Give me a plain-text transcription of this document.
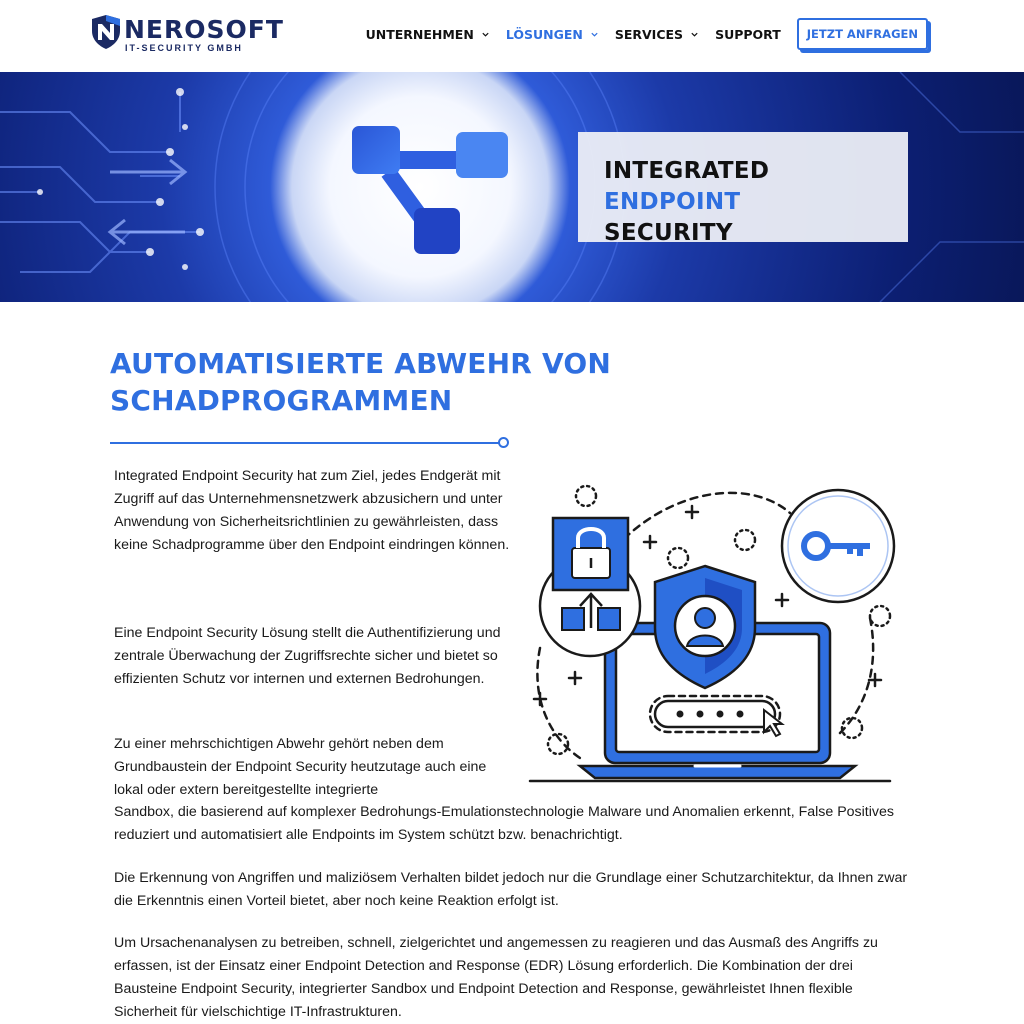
NEROSOFT
IT-SECURITY GMBH
UNTERNEHMEN	LÖSUNGEN	SERVICES	SUPPORT	JETZT ANFRAGEN
INTEGRATED ENDPOINT
SECURITY
AUTOMATISIERTE ABWEHR VON
SCHADPROGRAMMEN

Integrated Endpoint Security hat zum Ziel, jedes Endgerät mit Zugriff auf das Unternehmensnetzwerk abzusichern und unter Anwendung von Sicherheitsrichtlinien zu gewährleisten, dass keine Schadprogramme über den Endpoint eindringen können.

Eine Endpoint Security Lösung stellt die Authentifizierung und zentrale Überwachung der Zugriffsrechte sicher und bietet so effizienten Schutz vor internen und externen Bedrohungen.

Zu einer mehrschichtigen Abwehr gehört neben dem Grundbaustein der Endpoint Security heutzutage auch eine lokal oder extern bereitgestellte integrierte

Sandbox, die basierend auf komplexer Bedrohungs-Emulationstechnologie Malware und Anomalien erkennt, False Positives reduziert und automatisiert alle Endpoints im System schützt bzw. benachrichtigt.

Die Erkennung von Angriffen und maliziösem Verhalten bildet jedoch nur die Grundlage einer Schutzarchitektur, da Ihnen zwar die Erkenntnis einen Vorteil bietet, aber noch keine Reaktion erfolgt ist.

Um Ursachenanalysen zu betreiben, schnell, zielgerichtet und angemessen zu reagieren und das Ausmaß des Angriffs zu erfassen, ist der Einsatz einer Endpoint Detection and Response (EDR) Lösung erforderlich. Die Kombination der drei Bausteine Endpoint Security, integrierter Sandbox und Endpoint Detection and Response, gewährleistet Ihnen flexible Sicherheit für vielschichtige IT-Infrastrukturen.
